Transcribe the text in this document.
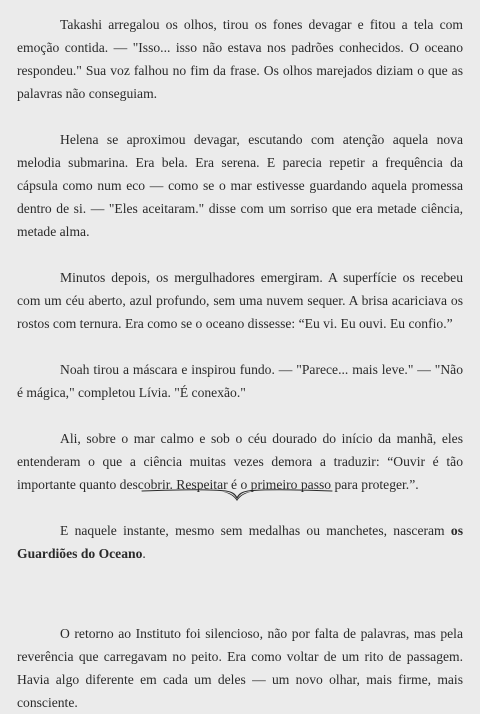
Takashi arregalou os olhos, tirou os fones devagar e fitou a tela com emoção contida. — "Isso... isso não estava nos padrões conhecidos. O oceano respondeu." Sua voz falhou no fim da frase. Os olhos marejados diziam o que as palavras não conseguiam.

Helena se aproximou devagar, escutando com atenção aquela nova melodia submarina. Era bela. Era serena. E parecia repetir a frequência da cápsula como num eco — como se o mar estivesse guardando aquela promessa dentro de si. — "Eles aceitaram." disse com um sorriso que era metade ciência, metade alma.

Minutos depois, os mergulhadores emergiram. A superfície os recebeu com um céu aberto, azul profundo, sem uma nuvem sequer. A brisa acariciava os rostos com ternura. Era como se o oceano dissesse: “Eu vi. Eu ouvi. Eu confio.”

Noah tirou a máscara e inspirou fundo. — "Parece... mais leve." — "Não é mágica," completou Lívia. "É conexão."

Ali, sobre o mar calmo e sob o céu dourado do início da manhã, eles entenderam o que a ciência muitas vezes demora a traduzir: “Ouvir é tão importante quanto descobrir. Respeitar é o primeiro passo para proteger.”.

E naquele instante, mesmo sem medalhas ou manchetes, nasceram os Guardiões do Oceano.

O retorno ao Instituto foi silencioso, não por falta de palavras, mas pela reverência que carregavam no peito. Era como voltar de um rito de passagem. Havia algo diferente em cada um deles — um novo olhar, mais firme, mais consciente.
